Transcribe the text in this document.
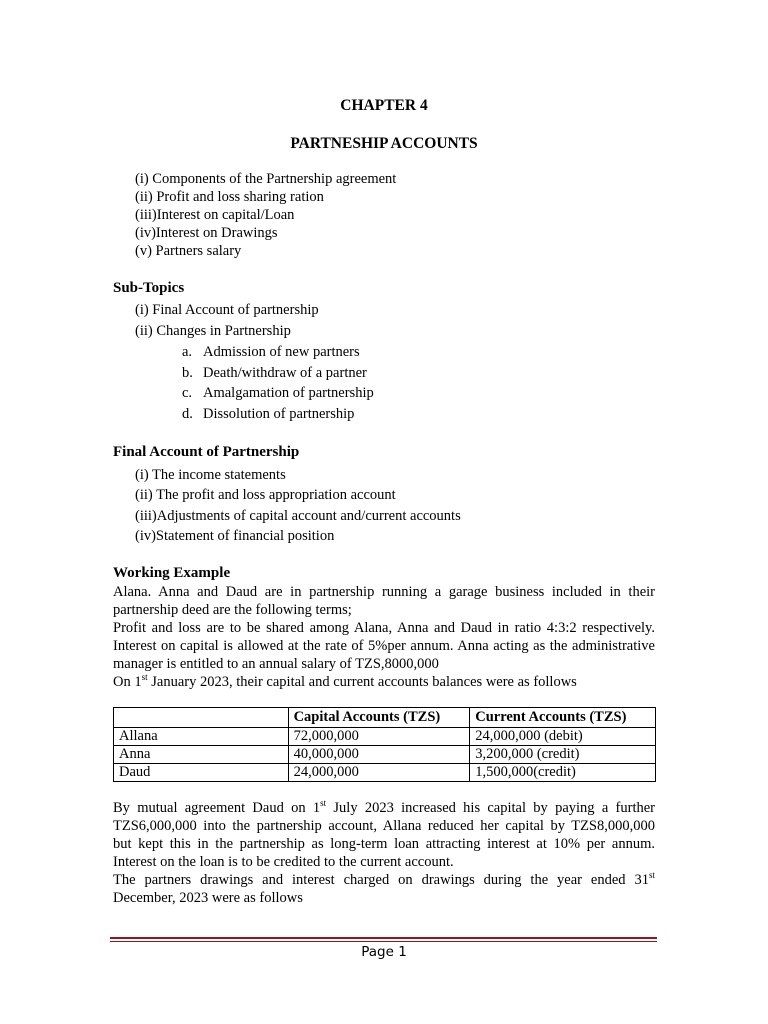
CHAPTER 4
PARTNESHIP ACCOUNTS
(i) Components of the Partnership agreement
(ii) Profit and loss sharing ration
(iii)Interest on capital/Loan
(iv)Interest on Drawings
(v) Partners salary
Sub-Topics
(i) Final Account of partnership
(ii) Changes in Partnership
a. Admission of new partners
b. Death/withdraw of a partner
c. Amalgamation of partnership
d. Dissolution of partnership
Final Account of Partnership
(i) The income statements
(ii) The profit and loss appropriation account
(iii)Adjustments of capital account and/current accounts
(iv)Statement of financial position
Working Example
Alana. Anna and Daud are in partnership running a garage business included in their
partnership deed are the following terms;
Profit and loss are to be shared among Alana, Anna and Daud in ratio 4:3:2 respectively.
Interest on capital is allowed at the rate of 5%per annum. Anna acting as the administrative
manager is entitled to an annual salary of TZS,8000,000
On 1st January 2023, their capital and current accounts balances were as follows
	Capital Accounts (TZS)	Current Accounts (TZS)
Allana	72,000,000	24,000,000 (debit)
Anna	40,000,000	3,200,000 (credit)
Daud	24,000,000	1,500,000(credit)
By mutual agreement Daud on 1st July 2023 increased his capital by paying a further
TZS6,000,000 into the partnership account, Allana reduced her capital by TZS8,000,000
but kept this in the partnership as long-term loan attracting interest at 10% per annum.
Interest on the loan is to be credited to the current account.
The partners drawings and interest charged on drawings during the year ended 31st
December, 2023 were as follows
Page 1
